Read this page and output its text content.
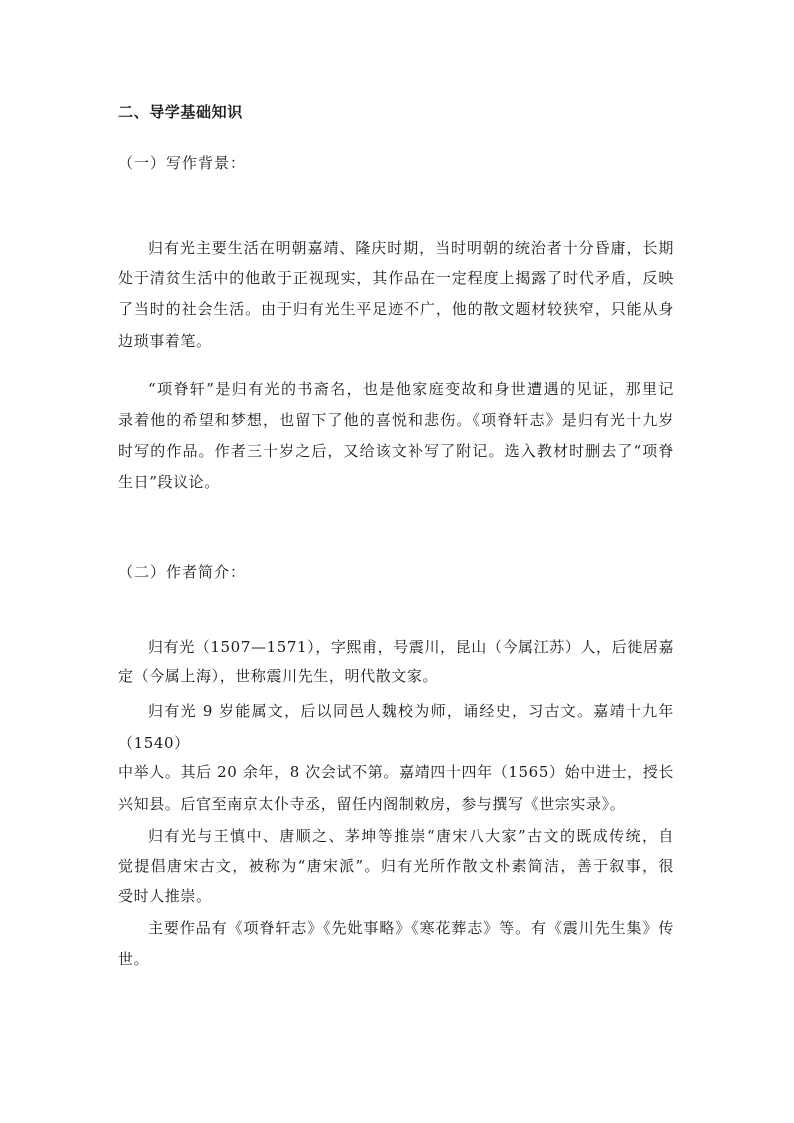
二、导学基础知识
（一）写作背景：
归有光主要生活在明朝嘉靖、隆庆时期，当时明朝的统治者十分昏庸，长期
处于清贫生活中的他敢于正视现实，其作品在一定程度上揭露了时代矛盾，反映
了当时的社会生活。由于归有光生平足迹不广，他的散文题材较狭窄，只能从身
边琐事着笔。
“项脊轩”是归有光的书斋名，也是他家庭变故和身世遭遇的见证，那里记
录着他的希望和梦想，也留下了他的喜悦和悲伤。《项脊轩志》是归有光十九岁
时写的作品。作者三十岁之后，又给该文补写了附记。选入教材时删去了“项脊
生日”段议论。
（二）作者简介：
归有光（1507—1571），字熙甫，号震川，昆山（今属江苏）人，后徙居嘉
定（今属上海），世称震川先生，明代散文家。
归有光 9 岁能属文，后以同邑人魏校为师，诵经史，习古文。嘉靖十九年
（1540）
中举人。其后 20 余年，8 次会试不第。嘉靖四十四年（1565）始中进士，授长
兴知县。后官至南京太仆寺丞，留任内阁制敕房，参与撰写《世宗实录》。
归有光与王慎中、唐顺之、茅坤等推崇“唐宋八大家”古文的既成传统，自
觉提倡唐宋古文，被称为“唐宋派”。归有光所作散文朴素简洁，善于叙事，很
受时人推崇。
主要作品有《项脊轩志》《先妣事略》《寒花葬志》等。有《震川先生集》传
世。
